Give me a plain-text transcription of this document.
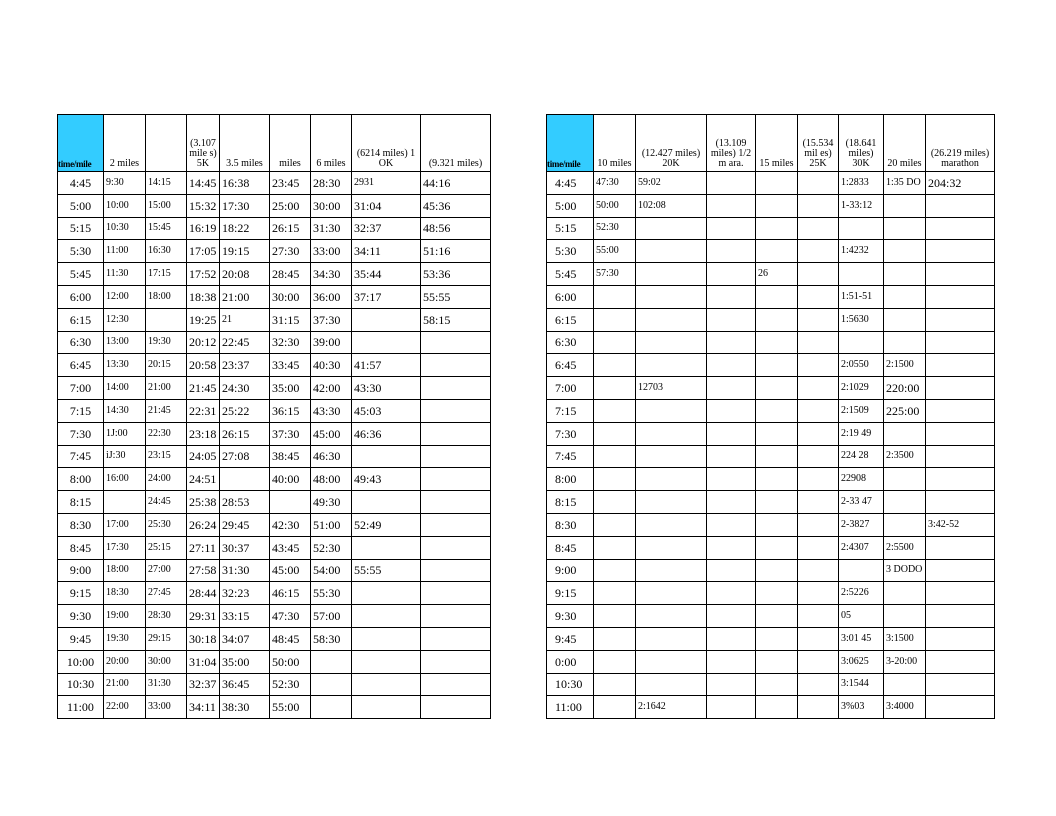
time/mile	2 miles		(3.107 mile s) 5K	3.5 miles	miles	6 miles	(6214 miles) 1 OK	(9.321 miles)
4:45	9:30	14:15	14:45	16:38	23:45	28:30	2931	44:16
5:00	10:00	15:00	15:32	17:30	25:00	30:00	31:04	45:36
5:15	10:30	15:45	16:19	18:22	26:15	31:30	32:37	48:56
5:30	11:00	16:30	17:05	19:15	27:30	33:00	34:11	51:16
5:45	11:30	17:15	17:52	20:08	28:45	34:30	35:44	53:36
6:00	12:00	18:00	18:38	21:00	30:00	36:00	37:17	55:55
6:15	12:30		19:25	21	31:15	37:30		58:15
6:30	13:00	19:30	20:12	22:45	32:30	39:00		
6:45	13:30	20:15	20:58	23:37	33:45	40:30	41:57	
7:00	14:00	21:00	21:45	24:30	35:00	42:00	43:30	
7:15	14:30	21:45	22:31	25:22	36:15	43:30	45:03	
7:30	1J:00	22:30	23:18	26:15	37:30	45:00	46:36	
7:45	iJ:30	23:15	24:05	27:08	38:45	46:30		
8:00	16:00	24:00	24:51		40:00	48:00	49:43	
8:15		24:45	25:38	28:53		49:30		
8:30	17:00	25:30	26:24	29:45	42:30	51:00	52:49	
8:45	17:30	25:15	27:11	30:37	43:45	52:30		
9:00	18:00	27:00	27:58	31:30	45:00	54:00	55:55	
9:15	18:30	27:45	28:44	32:23	46:15	55:30		
9:30	19:00	28:30	29:31	33:15	47:30	57:00		
9:45	19:30	29:15	30:18	34:07	48:45	58:30		
10:00	20:00	30:00	31:04	35:00	50:00			
10:30	21:00	31:30	32:37	36:45	52:30			
11:00	22:00	33:00	34:11	38:30	55:00			
time/mile	10 miles	(12.427 miles) 20K	(13.109 miles) 1/2 m ara.	15 miles	(15.534 mil es) 25K	(18.641 miles) 30K	20 miles	(26.219 miles) marathon
4:45	47:30	59:02				1:2833	1:35 DO	204:32
5:00	50:00	102:08				1-33:12		
5:15	52:30							
5:30	55:00					1:4232		
5:45	57:30			26				
6:00						1:51-51		
6:15						1:5630		
6:30								
6:45						2:0550	2:1500	
7:00		12703				2:1029	220:00	
7:15						2:1509	225:00	
7:30						2:19 49		
7:45						224 28	2:3500	
8:00						22908		
8:15						2-33 47		
8:30						2-3827		3:42-52
8:45						2:4307	2:5500	
9:00							3 DODO	
9:15						2:5226		
9:30						05		
9:45						3:01 45	3:1500	
0:00						3:0625	3-20:00	
10:30						3:1544		
11:00		2:1642				3%03	3:4000	
